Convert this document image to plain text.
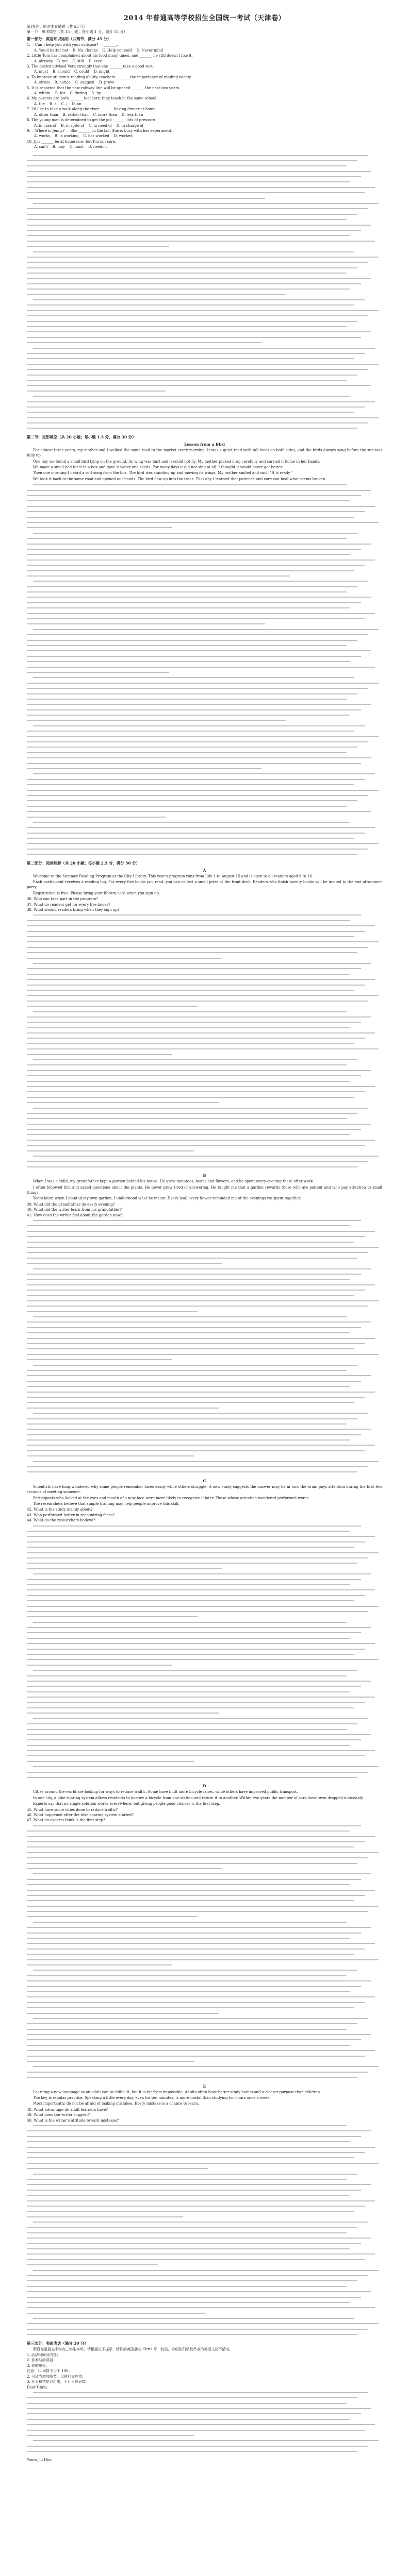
2014 年普通高等学校招生全国统一考试（天津卷）

第Ⅰ卷注：略对本卷试题（共 55 分）

第一节：单项填空（共 15 小题；每小题 1 分，满分 15 分）

第一部分：英语知识运用（共两节，满分 45 分）

1. —Can I help you with your suitcase?  —_______.

A. You'd better not    B. No, thanks    C. Help yourself    D. Never mind

2. Little Tom has complained about his food many times, and _______ he still doesn't like it.

A. already    B. yet    C. still    D. even

3. The doctor advised Vera strongly that she _______ take a good rest.

A. must    B. should    C. could    D. might

4. To improve students' reading ability, teachers _______ the importance of reading widely.

A. stress    B. notice    C. suggest    D. prove

5. It is reported that the new railway line will be opened _______ the next two years.

A. within    B. for    C. during    D. by

6. My parents are both _______ teachers; they teach in the same school.

A. the    B. a    C. /    D. an

7. I'd like to take a walk along the river _______ having dinner at home.

A. other than    B. rather than    C. more than    D. less than

8. The young man is determined to get the job _______ lots of pressure.

A. in case of    B. in spite of    C. in need of    D. in charge of

9. —Where is Jenny?  —She _______ in the lab. She is busy with her experiment.

A. works    B. is working    C. has worked    D. worked

10. Jim _______ be at home now, but I'm not sure.

A. can't    B. may    C. must    D. needn't

第二节：完形填空（共 20 小题；每小题 1.5 分，满分 30 分）
Lesson from a Bird

For almost three years, my mother and I walked the same road to the market every morning. It was a quiet road with tall trees on both sides, and the birds always sang before the sun was fully up.

One day we found a small bird lying on the ground. Its wing was hurt and it could not fly. My mother picked it up carefully and carried it home in her hands.

We made a small bed for it in a box and gave it water and seeds. For many days it did not sing at all. I thought it would never get better.

Then one morning I heard a soft song from the box. The bird was standing up and moving its wings. My mother smiled and said, "It is ready."

We took it back to the same road and opened our hands. The bird flew up into the trees. That day I learned that patience and care can heal what seems broken.

第二部分：阅读理解（共 20 小题；每小题 2.5 分，满分 50 分）
A

Welcome to the Summer Reading Program at the City Library. This year's program runs from July 1 to August 15 and is open to all readers aged 8 to 16.

Each participant receives a reading log. For every five books you read, you can collect a small prize at the front desk. Readers who finish twenty books will be invited to the end-of-summer party.

Registration is free. Please bring your library card when you sign up.

36. Who can take part in the program?

37. What do readers get for every five books?

38. What should readers bring when they sign up?

B

When I was a child, my grandfather kept a garden behind his house. He grew tomatoes, beans and flowers, and he spent every evening there after work.

I often followed him and asked questions about the plants. He never grew tired of answering. He taught me that a garden rewards those who are patient and who pay attention to small things.

Years later, when I planted my own garden, I understood what he meant. Every leaf, every flower reminded me of the evenings we spent together.

39. What did the grandfather do every evening?

40. What did the writer learn from his grandfather?

41. How does the writer feel about the garden now?

C

Scientists have long wondered why some people remember faces easily while others struggle. A new study suggests the answer may lie in how the brain pays attention during the first few seconds of meeting someone.

Participants who looked at the eyes and mouth of a new face were more likely to recognize it later. Those whose attention wandered performed worse.

The researchers believe that simple training may help people improve this skill.

42. What is the study mainly about?

43. Who performed better in recognizing faces?

44. What do the researchers believe?

D

Cities around the world are looking for ways to reduce traffic. Some have built more bicycle lanes, while others have improved public transport.

In one city, a bike-sharing system allows residents to borrow a bicycle from one station and return it to another. Within two years the number of cars downtown dropped noticeably.

Experts say that no single solution works everywhere, but giving people good choices is the first step.

45. What have some cities done to reduce traffic?

46. What happened after the bike-sharing system started?

47. What do experts think is the first step?

E

Learning a new language as an adult can be difficult, but it is far from impossible. Adults often have better study habits and a clearer purpose than children.

The key is regular practice. Speaking a little every day, even for ten minutes, is more useful than studying for hours once a week.

Most importantly, do not be afraid of making mistakes. Every mistake is a chance to learn.

48. What advantage do adult learners have?

49. What does the writer suggest?

50. What is the writer's attitude toward mistakes?

第三部分：书面表达（满分 30 分）

假设你是晨光中学高三学生李华，请根据以下提示，给你的英国朋友 Chris 写一封信，介绍你们学校举办的英语文化节活动。

1. 活动时间及内容；

2. 你参与的项目；

3. 你的感受。

注意：1. 词数不少于 100；

2. 可适当增加细节，以使行文连贯；

3. 开头和结尾已给出，不计入总词数。

Dear Chris,

Yours, Li Hua
